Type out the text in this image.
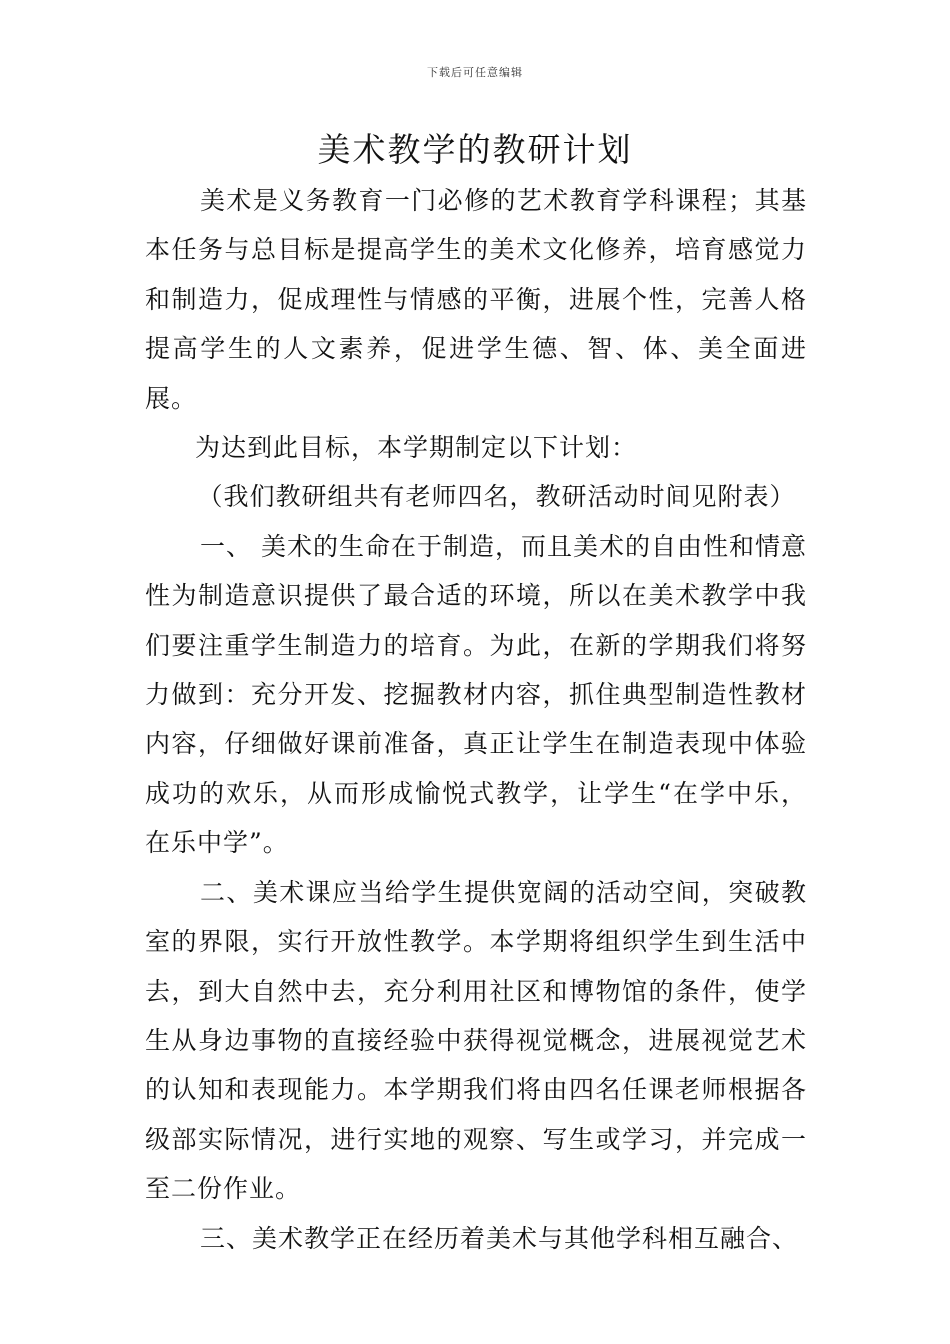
下载后可任意编辑
美术教学的教研计划

美术是义务教育一门必修的艺术教育学科课程；其基本任务与总目标是提高学生的美术文化修养，培育感觉力和制造力，促成理性与情感的平衡，进展个性，完善人格提高学生的人文素养，促进学生德、智、体、美全面进展。

为达到此目标，本学期制定以下计划：

（我们教研组共有老师四名，教研活动时间见附表）

一、 美术的生命在于制造，而且美术的自由性和情意性为制造意识提供了最合适的环境，所以在美术教学中我们要注重学生制造力的培育。为此，在新的学期我们将努力做到：充分开发、挖掘教材内容，抓住典型制造性教材内容，仔细做好课前准备，真正让学生在制造表现中体验成功的欢乐，从而形成愉悦式教学，让学生“在学中乐，在乐中学”。

二、美术课应当给学生提供宽阔的活动空间，突破教室的界限，实行开放性教学。本学期将组织学生到生活中去，到大自然中去，充分利用社区和博物馆的条件，使学生从身边事物的直接经验中获得视觉概念，进展视觉艺术的认知和表现能力。本学期我们将由四名任课老师根据各级部实际情况，进行实地的观察、写生或学习，并完成一至二份作业。

三、美术教学正在经历着美术与其他学科相互融合、
